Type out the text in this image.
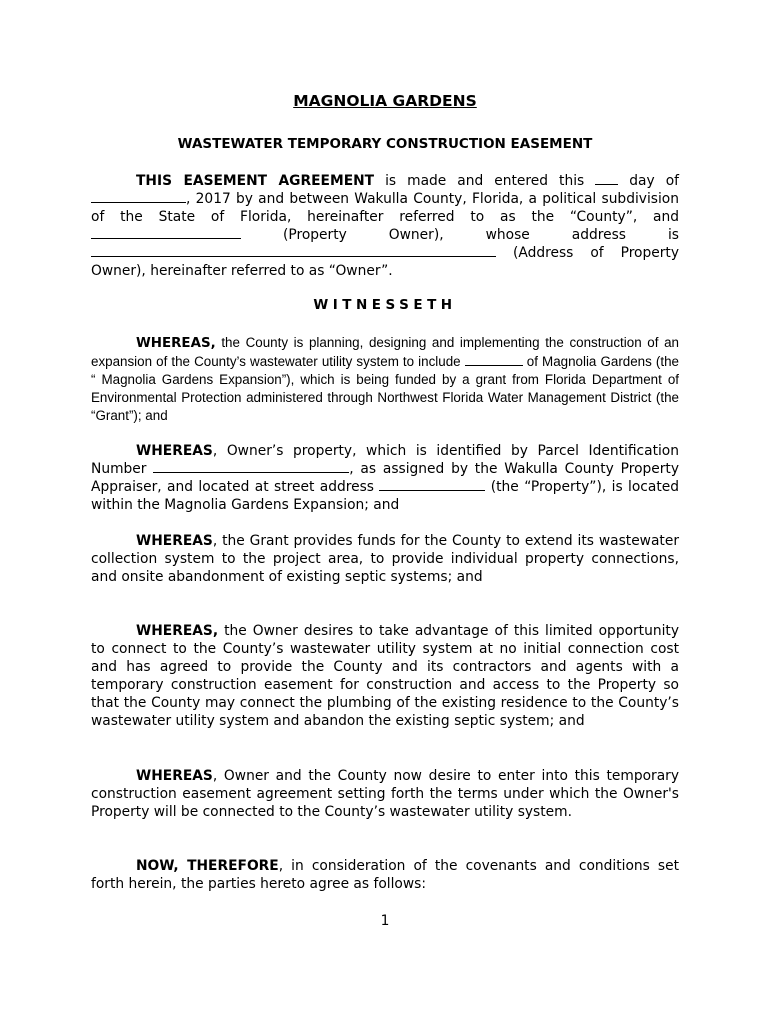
MAGNOLIA GARDENS
WASTEWATER TEMPORARY CONSTRUCTION EASEMENT
THIS EASEMENT AGREEMENT is made and entered this  day of , 2017 by and between Wakulla County, Florida, a political subdivision of the State of Florida, hereinafter referred to as the “County”, and  (Property Owner), whose address is  (Address of Property Owner), hereinafter referred to as “Owner”.
WITNESSETH
WHEREAS, the County is planning, designing and implementing the construction of an expansion of the County’s wastewater utility system to include	of Magnolia Gardens (the “ Magnolia Gardens Expansion”), which is being funded by a grant from Florida Department of Environmental Protection administered through Northwest Florida Water Management District (the “Grant”); and
WHEREAS, Owner’s property, which is identified by Parcel Identification Number	, as assigned by the Wakulla County Property Appraiser, and located at street address	(the “Property”), is located within the Magnolia Gardens Expansion; and
WHEREAS, the Grant provides funds for the County to extend its wastewater collection system to the project area, to provide individual property connections, and onsite abandonment of existing septic systems; and
WHEREAS, the Owner desires to take advantage of this limited opportunity to connect to the County’s wastewater utility system at no initial connection cost and has agreed to provide the County and its contractors and agents with a temporary construction easement for construction and access to the Property so that the County may connect the plumbing of the existing residence to the County’s wastewater utility system and abandon the existing septic system; and
WHEREAS, Owner and the County now desire to enter into this temporary construction easement agreement setting forth the terms under which the Owner's Property will be connected to the County’s wastewater utility system.
NOW, THEREFORE, in consideration of the covenants and conditions set forth herein, the parties hereto agree as follows:
1
